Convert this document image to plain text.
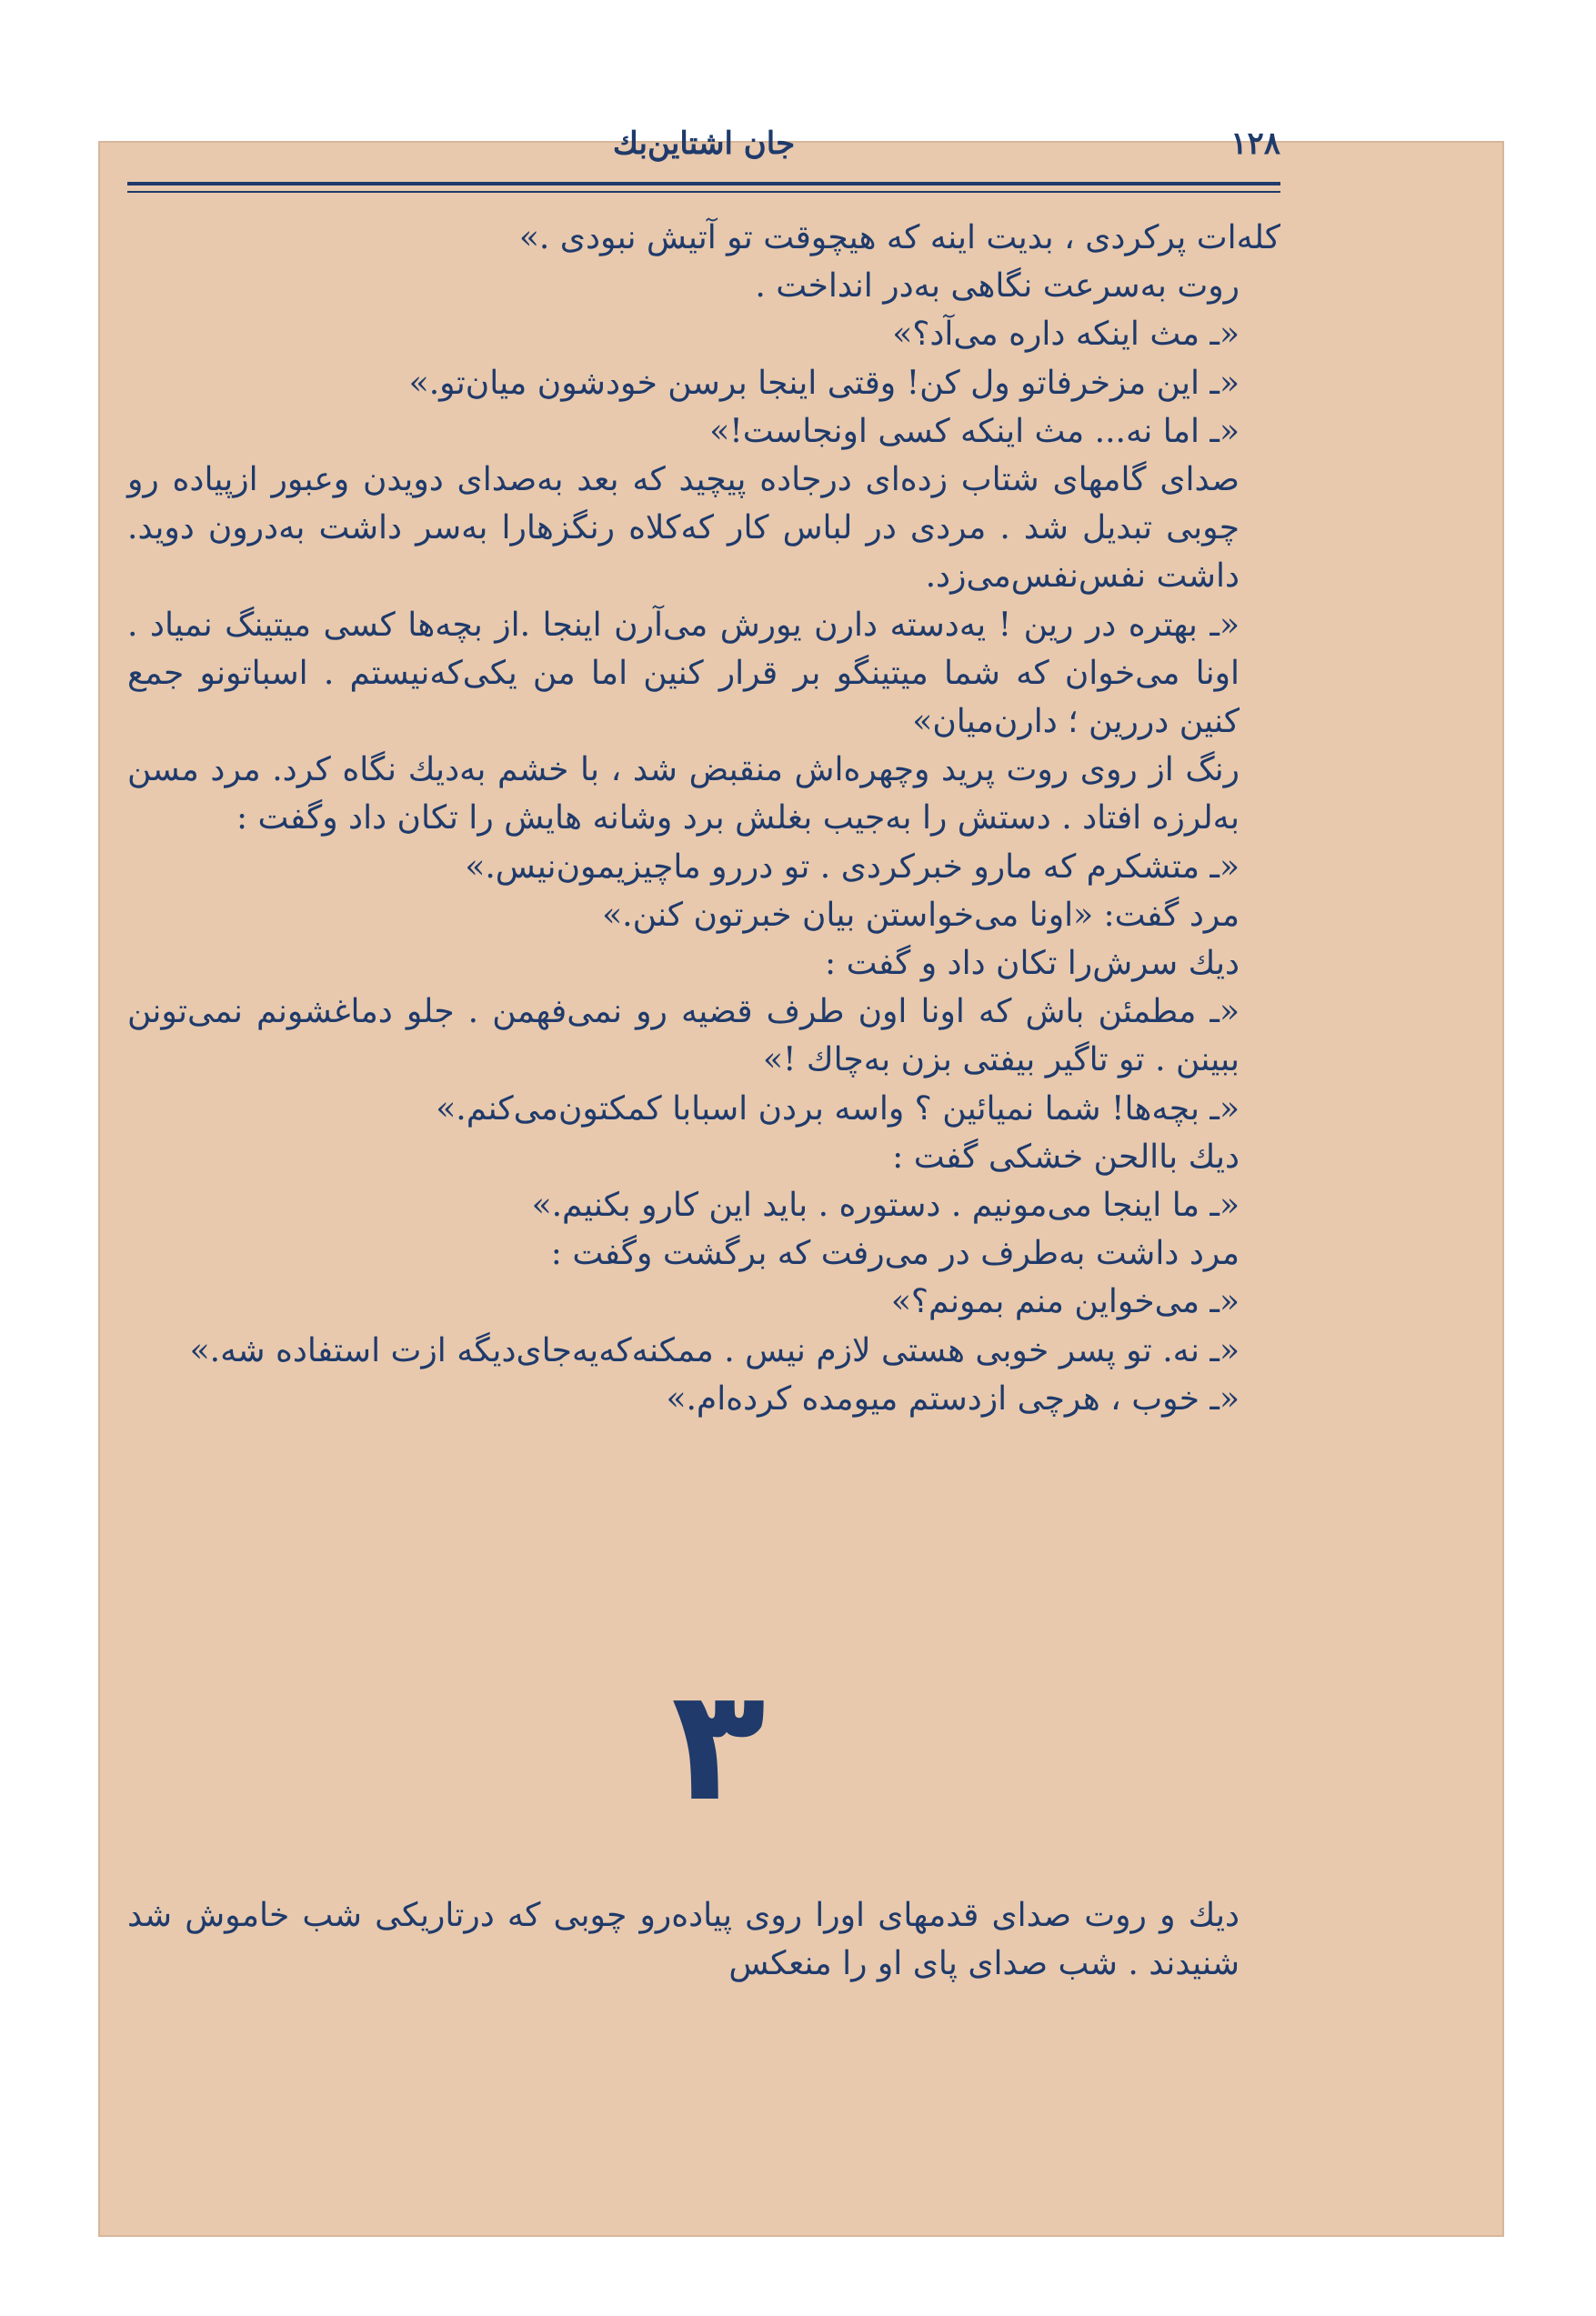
۱۲۸
جان اشتاین‌بك

کله‌ات پرکردی ، بدیت اینه که هیچوقت تو آتیش نبودی .»

روت به‌سرعت نگاهی به‌در انداخت .

«ـ مث اینکه داره می‌آد؟»

«ـ این مزخرفاتو ول کن! وقتی اینجا برسن خودشون میان‌تو.»

«ـ اما نه... مث اینکه کسی اونجاست!»

صدای گامهای شتاب زده‌ای درجاده پیچید که بعد به‌صدای دویدن وعبور ازپیاده رو چوبی تبدیل شد . مردی در لباس کار که‌کلاه رنگزهارا به‌سر داشت به‌درون دوید. داشت نفس‌نفس‌می‌زد.

«ـ بهتره در رین ! یه‌دسته دارن یورش می‌آرن اینجا .از بچه‌ها کسی میتینگ نمیاد . اونا می‌خوان که شما میتینگو بر قرار کنین اما من یکی‌که‌نیستم . اسباتونو جمع کنین دررین ؛ دارن‌میان»

رنگ از روی روت پرید وچهره‌اش منقبض شد ، با خشم به‌دیك نگاه کرد. مرد مسن به‌لرزه افتاد . دستش را به‌جیب بغلش برد وشانه هایش را تکان داد وگفت :

«ـ متشکرم که مارو خبرکردی . تو دررو ماچیزیمون‌نیس.»

مرد گفت: «اونا می‌خواستن بیان خبرتون کنن.»

دیك سرش‌را تکان داد و گفت :

«ـ مطمئن باش که اونا اون طرف قضیه رو نمی‌فهمن . جلو دماغشونم نمی‌تونن ببینن . تو تاگیر بیفتی بزن به‌چاك !»

«ـ بچه‌ها! شما نمیائین ؟ واسه بردن اسبابا کمکتون‌می‌کنم.»

دیك باالحن خشکی گفت :

«ـ ما اینجا می‌مونیم . دستوره . باید این کارو بکنیم.»

مرد داشت به‌طرف در می‌رفت که برگشت وگفت :

«ـ می‌خواین منم بمونم؟»

«ـ نه. تو پسر خوبی هستی لازم نیس . ممکنه‌که‌یه‌جای‌دیگه ازت استفاده شه.»

«ـ خوب ، هرچی ازدستم میومده کرده‌ام.»

۳

دیك و روت صدای قدمهای اورا روی پیاده‌رو چوبی که درتاریکی شب خاموش شد شنیدند . شب صدای پای او را منعکس
